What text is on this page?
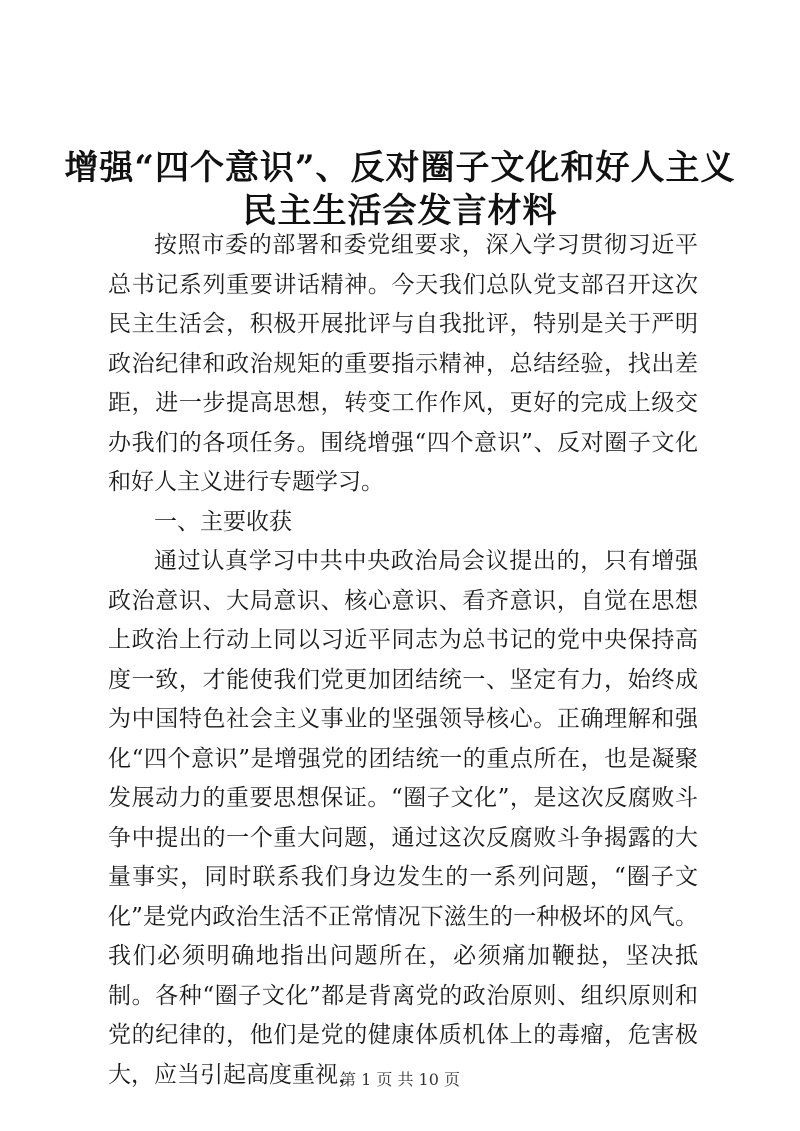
增强“四个意识”、反对圈子文化和好人主义
民主生活会发言材料

按照市委的部署和委党组要求，深入学习贯彻习近平总书记系列重要讲话精神。今天我们总队党支部召开这次民主生活会，积极开展批评与自我批评，特别是关于严明政治纪律和政治规矩的重要指示精神，总结经验，找出差距，进一步提高思想，转变工作作风，更好的完成上级交办我们的各项任务。围绕增强“四个意识”、反对圈子文化和好人主义进行专题学习。

一、主要收获

通过认真学习中共中央政治局会议提出的，只有增强政治意识、大局意识、核心意识、看齐意识，自觉在思想上政治上行动上同以习近平同志为总书记的党中央保持高度一致，才能使我们党更加团结统一、坚定有力，始终成为中国特色社会主义事业的坚强领导核心。正确理解和强化“四个意识”是增强党的团结统一的重点所在，也是凝聚发展动力的重要思想保证。“圈子文化”，是这次反腐败斗争中提出的一个重大问题，通过这次反腐败斗争揭露的大量事实，同时联系我们身边发生的一系列问题，“圈子文化”是党内政治生活不正常情况下滋生的一种极坏的风气。我们必须明确地指出问题所在，必须痛加鞭挞，坚决抵制。各种“圈子文化”都是背离党的政治原则、组织原则和党的纪律的，他们是党的健康体质机体上的毒瘤，危害极大，应当引起高度重视，

第 1 页 共 10 页
